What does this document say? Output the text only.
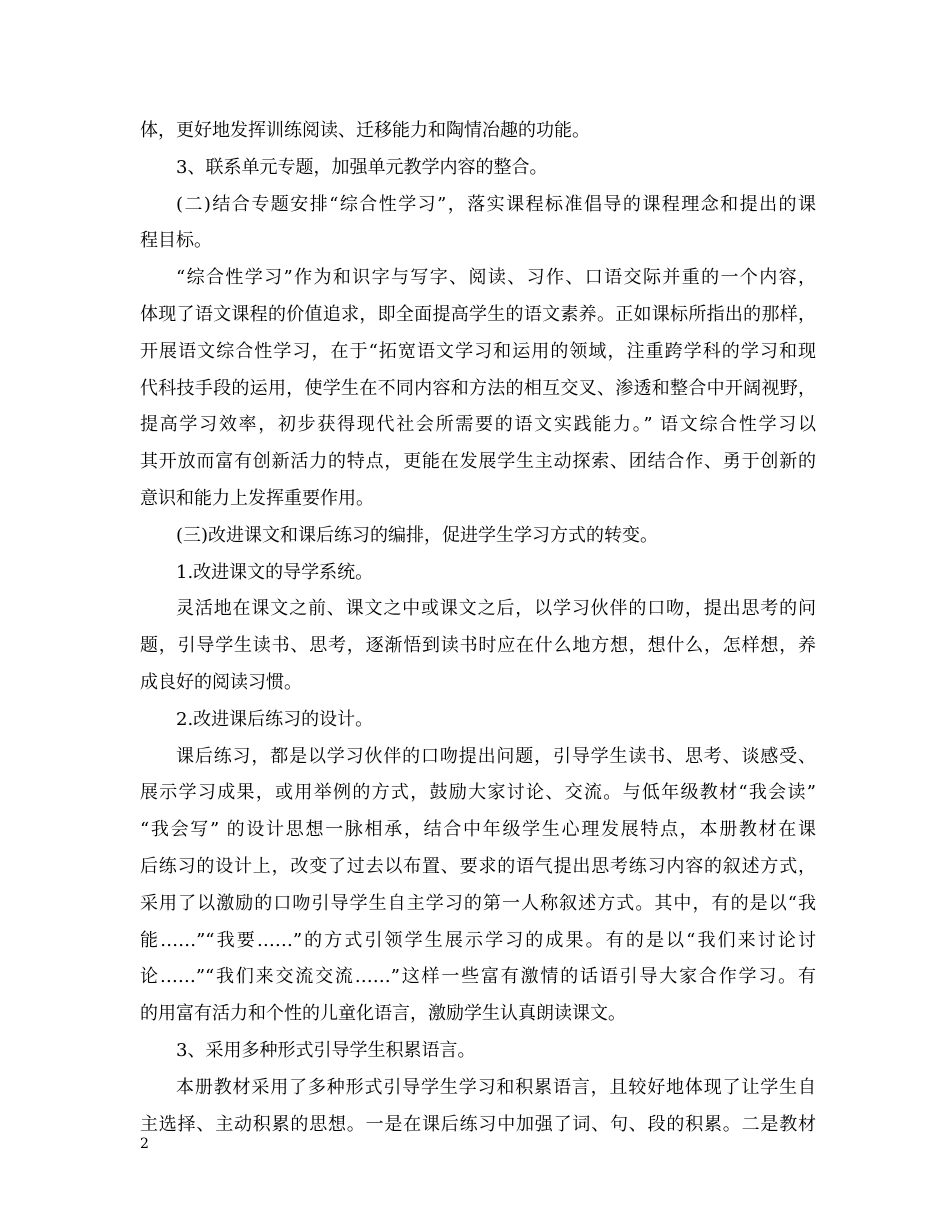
体，更好地发挥训练阅读、迁移能力和陶情冶趣的功能。
3、联系单元专题，加强单元教学内容的整合。
(二)结合专题安排“综合性学习”，落实课程标准倡导的课程理念和提出的课
程目标。
“综合性学习”作为和识字与写字、阅读、习作、口语交际并重的一个内容，
体现了语文课程的价值追求，即全面提高学生的语文素养。正如课标所指出的那样，
开展语文综合性学习，在于“拓宽语文学习和运用的领域，注重跨学科的学习和现
代科技手段的运用，使学生在不同内容和方法的相互交叉、渗透和整合中开阔视野，
提高学习效率，初步获得现代社会所需要的语文实践能力。” 语文综合性学习以
其开放而富有创新活力的特点，更能在发展学生主动探索、团结合作、勇于创新的
意识和能力上发挥重要作用。
(三)改进课文和课后练习的编排，促进学生学习方式的转变。
1.改进课文的导学系统。
灵活地在课文之前、课文之中或课文之后，以学习伙伴的口吻，提出思考的问
题，引导学生读书、思考，逐渐悟到读书时应在什么地方想，想什么，怎样想，养
成良好的阅读习惯。
2.改进课后练习的设计。
课后练习，都是以学习伙伴的口吻提出问题，引导学生读书、思考、谈感受、
展示学习成果，或用举例的方式，鼓励大家讨论、交流。与低年级教材“我会读”
“我会写” 的设计思想一脉相承，结合中年级学生心理发展特点，本册教材在课
后练习的设计上，改变了过去以布置、要求的语气提出思考练习内容的叙述方式，
采用了以激励的口吻引导学生自主学习的第一人称叙述方式。其中，有的是以“我
能……”“我要……”的方式引领学生展示学习的成果。有的是以“我们来讨论讨
论……”“我们来交流交流……”这样一些富有激情的话语引导大家合作学习。有
的用富有活力和个性的儿童化语言，激励学生认真朗读课文。
3、采用多种形式引导学生积累语言。
本册教材采用了多种形式引导学生学习和积累语言，且较好地体现了让学生自
主选择、主动积累的思想。一是在课后练习中加强了词、句、段的积累。二是教材
2
